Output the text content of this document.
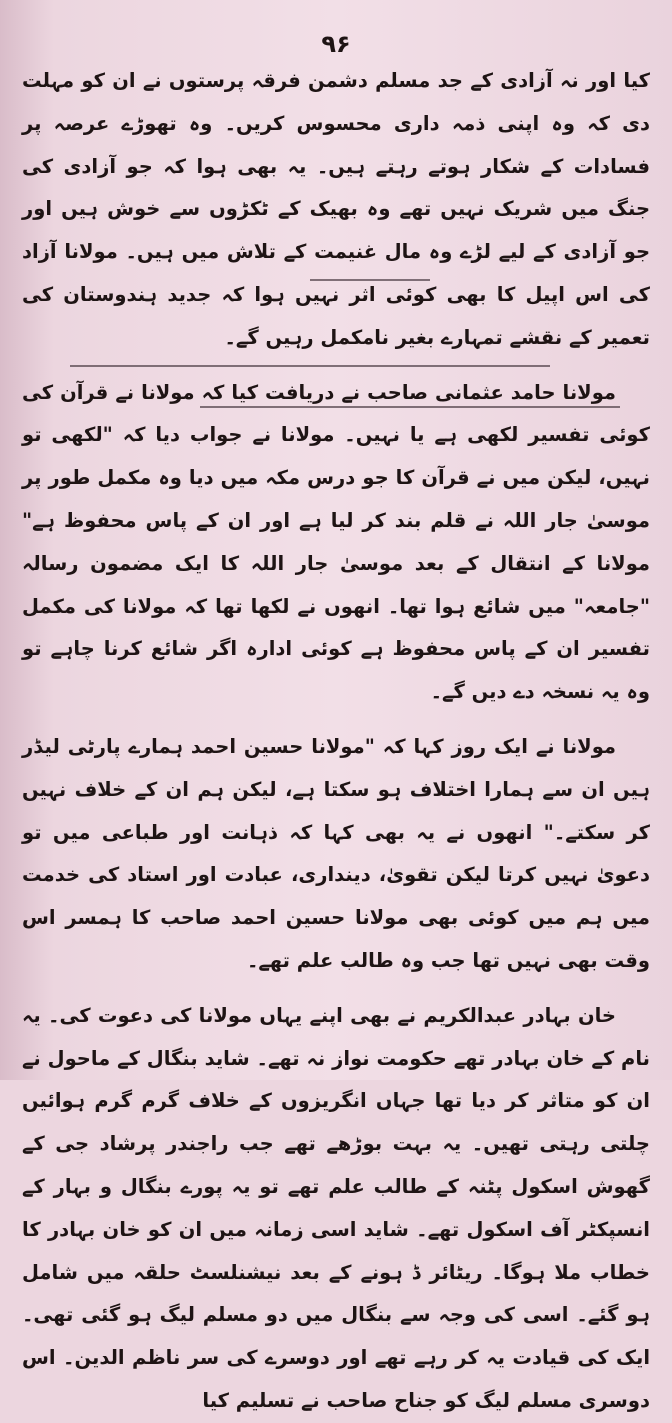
۹۶

کیا اور نہ آزادی کے جد مسلم دشمن فرقہ پرستوں نے ان کو مہلت دی کہ وہ اپنی ذمہ داری محسوس کریں۔ وہ تھوڑے عرصہ پر فسادات کے شکار ہوتے رہتے ہیں۔ یہ بھی ہوا کہ جو آزادی کی جنگ میں شریک نہیں تھے وہ بھیک کے ٹکڑوں سے خوش ہیں اور جو آزادی کے لیے لڑے وہ مال غنیمت کے تلاش میں ہیں۔ مولانا آزاد کی اس اپیل کا بھی کوئی اثر نہیں ہوا کہ جدید ہندوستان کی تعمیر کے نقشے تمہارے بغیر نامکمل رہیں گے۔

مولانا حامد عثمانی صاحب نے دریافت کیا کہ مولانا نے قرآن کی کوئی تفسیر لکھی ہے یا نہیں۔ مولانا نے جواب دیا کہ "لکھی تو نہیں، لیکن میں نے قرآن کا جو درس مکہ میں دیا وہ مکمل طور پر موسیٰ جار اللہ نے قلم بند کر لیا ہے اور ان کے پاس محفوظ ہے" مولانا کے انتقال کے بعد موسیٰ جار اللہ کا ایک مضمون رسالہ "جامعہ" میں شائع ہوا تھا۔ انھوں نے لکھا تھا کہ مولانا کی مکمل تفسیر ان کے پاس محفوظ ہے کوئی ادارہ اگر شائع کرنا چاہے تو وہ یہ نسخہ دے دیں گے۔

مولانا نے ایک روز کہا کہ "مولانا حسین احمد ہمارے پارٹی لیڈر ہیں ان سے ہمارا اختلاف ہو سکتا ہے، لیکن ہم ان کے خلاف نہیں کر سکتے۔" انھوں نے یہ بھی کہا کہ ذہانت اور طباعی میں تو دعویٰ نہیں کرتا لیکن تقویٰ، دینداری، عبادت اور استاد کی خدمت میں ہم میں کوئی بھی مولانا حسین احمد صاحب کا ہمسر اس وقت بھی نہیں تھا جب وہ طالب علم تھے۔

خان بہادر عبدالکریم نے بھی اپنے یہاں مولانا کی دعوت کی۔ یہ نام کے خان بہادر تھے حکومت نواز نہ تھے۔ شاید بنگال کے ماحول نے ان کو متاثر کر دیا تھا جہاں انگریزوں کے خلاف گرم گرم ہوائیں چلتی رہتی تھیں۔ یہ بہت بوڑھے تھے جب راجندر پرشاد جی کے گھوش اسکول پٹنہ کے طالب علم تھے تو یہ پورے بنگال و بہار کے انسپکٹر آف اسکول تھے۔ شاید اسی زمانہ میں ان کو خان بہادر کا خطاب ملا ہوگا۔ ریٹائر ڈ ہونے کے بعد نیشنلسٹ حلقہ میں شامل ہو گئے۔ اسی کی وجہ سے بنگال میں دو مسلم لیگ ہو گئی تھی۔ ایک کی قیادت یہ کر رہے تھے اور دوسرے کی سر ناظم الدین۔ اس دوسری مسلم لیگ کو جناح صاحب نے تسلیم کیا
